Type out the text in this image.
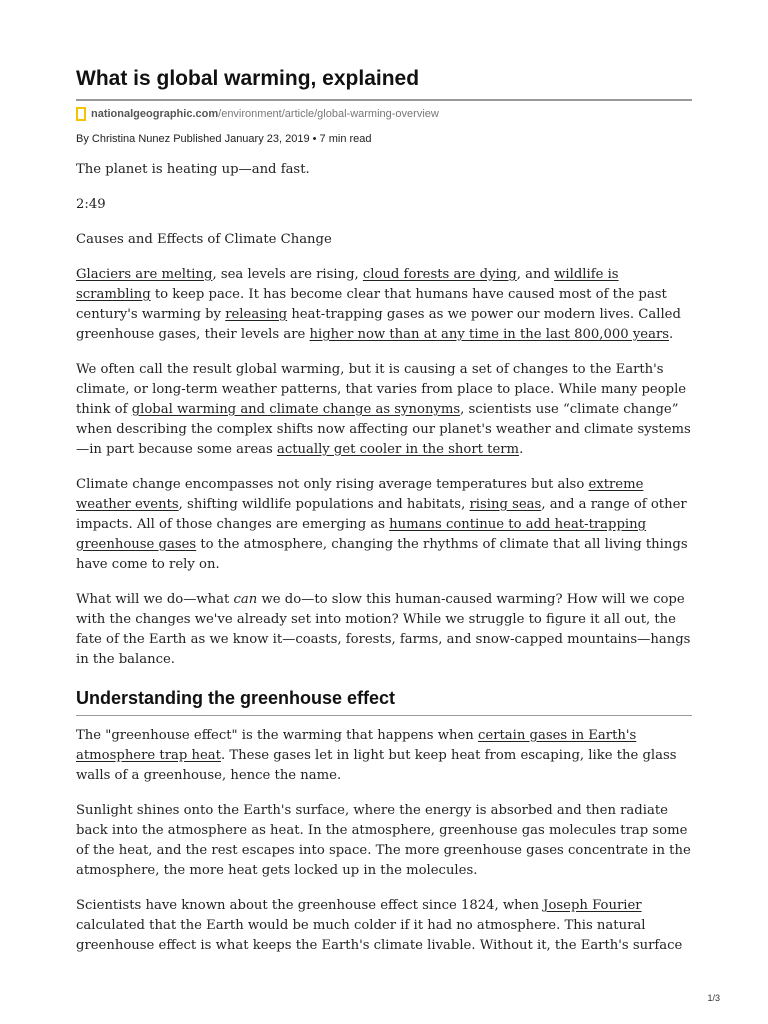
What is global warming, explained
nationalgeographic.com/environment/article/global-warming-overview
By Christina Nunez Published January 23, 2019 • 7 min read

The planet is heating up—and fast.

2:49

Causes and Effects of Climate Change

Glaciers are melting, sea levels are rising, cloud forests are dying, and wildlife is scrambling to keep pace. It has become clear that humans have caused most of the past century's warming by releasing heat-trapping gases as we power our modern lives. Called greenhouse gases, their levels are higher now than at any time in the last 800,000 years.

We often call the result global warming, but it is causing a set of changes to the Earth's climate, or long-term weather patterns, that varies from place to place. While many people think of global warming and climate change as synonyms, scientists use “climate change” when describing the complex shifts now affecting our planet's weather and climate systems—in part because some areas actually get cooler in the short term.

Climate change encompasses not only rising average temperatures but also extreme weather events, shifting wildlife populations and habitats, rising seas, and a range of other impacts. All of those changes are emerging as humans continue to add heat-trapping greenhouse gases to the atmosphere, changing the rhythms of climate that all living things have come to rely on.

What will we do—what can we do—to slow this human-caused warming? How will we cope with the changes we've already set into motion? While we struggle to figure it all out, the fate of the Earth as we know it—coasts, forests, farms, and snow-capped mountains—hangs in the balance.

Understanding the greenhouse effect

The "greenhouse effect" is the warming that happens when certain gases in Earth's atmosphere trap heat. These gases let in light but keep heat from escaping, like the glass walls of a greenhouse, hence the name.

Sunlight shines onto the Earth's surface, where the energy is absorbed and then radiate back into the atmosphere as heat. In the atmosphere, greenhouse gas molecules trap some of the heat, and the rest escapes into space. The more greenhouse gases concentrate in the atmosphere, the more heat gets locked up in the molecules.

Scientists have known about the greenhouse effect since 1824, when Joseph Fourier calculated that the Earth would be much colder if it had no atmosphere. This natural greenhouse effect is what keeps the Earth's climate livable. Without it, the Earth's surface

1/3
